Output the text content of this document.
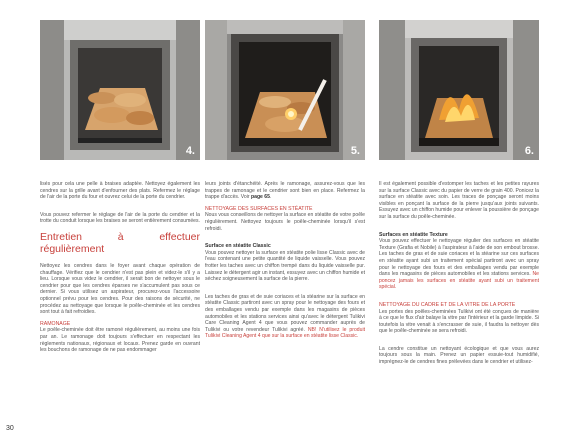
4.	5.	6.

lisés pour cela une pelle à braises adaptée. Nettoyez également les cendres sur la grille avant d'enfourner des plats. Refermez le réglage de l'air de la porte du four et ouvrez celui de la porte du cendrier.

Vous pouvez refermer le réglage de l'air de la porte du cendrier et la trotte du conduit lorsque les braises se seront entièrement consumées.

Entretien à effectuer régulièrement

Nettoyez les cendres dans le foyer avant chaque opération de chauffage. Vérifiez que le cendrier n'est pas plein et videz-le s'il y a lieu. Lorsque vous videz le cendrier, il serait bon de nettoyer sous le cendrier pour que les cendres éparses ne s'accumulent pas sous ce dernier. Si vous utilisez un aspirateur, procurez-vous l'accessoire optionnel prévu pour les cendres. Pour des raisons de sécurité, ne procédez au nettoyage que lorsque le poêle-cheminée et les cendres sont tout à fait refroidies.

RAMONAGE

Le poêle-cheminée doit être ramoné régulièrement, au moins une fois par an. Le ramonage doit toujours s'effectuer en respectant les règlements nationaux, régionaux et locaux. Prenez garde en ouvrant les bouchons de ramonage de ne pas endommager

leurs joints d'étanchéité. Après le ramonage, assurez-vous que les trappes de ramonage et le cendrier sont bien en place. Refermez la trappe d'accès. Voir page 65.

NETTOYAGE DES SURFACES EN STÉATITE

Nous vous conseillons de nettoyer la surface en stéatite de votre poêle régulièrement. Nettoyez toujours le poêle-cheminée lorsqu'il s'est refroidi.

Surface en stéatite Classic

Vous pouvez nettoyer la surface en stéatite polie lisse Classic avec de l'eau contenant une petite quantité de liquide vaisselle. Vous pouvez frotter les taches avec un chiffon trempé dans du liquide vaisselle pur. Laissez le détergent agir un instant, essuyez avec un chiffon humide et séchez soigneusement la surface de la pierre.

Les taches de gras et de suie coriaces et la stéarine sur la surface en stéatite Classic partiront avec un spray pour le nettoyage des fours et des emballages vendu par exemple dans les magasins de pièces automobiles et les stations services ainsi qu'avec le détergent Tulikivi Care Cleaning Agent 4 que vous pouvez commander auprès de Tulikivi ou votre revendeur Tulikivi agréé. NB! N'utilisez le produit Tulikivi Cleaning Agent 4 que sur la surface en stéatite lisse Classic.

Il est également possible d'estomper les taches et les petites rayures sur la surface Classic avec du papier de verre de grain 400. Ponicez la surface en stéatite avec soin. Les traces de ponçage seront moins visibles en ponçant la surface de la pierre jusqu'aux joints suivants. Essuyez avec un chiffon humide pour enlever la poussière de ponçage sur la surface du poêle-cheminée.

Surfaces en stéatite Texture

Vous pouvez effectuer le nettoyage régulier des surfaces en stéatite Texture (Grafia et Nobile) à l'aspirateur à l'aide de son embout brosse. Les taches de gras et de suie coriaces et la stéarine sur ces surfaces en stéatite ayant subi un traitement spécial partiront avec un spray pour le nettoyage des fours et des emballages vendu par exemple dans les magasins de pièces automobiles et les stations services. Ne poncez jamais les surfaces en stéatite ayant subi un traitement spécial.

NETTOYAGE DU CADRE ET DE LA VITRE DE LA PORTE

Les portes des poêles-cheminées Tulikivi ont été conçues de manière à ce que le flux d'air balaye la vitre par l'intérieur et la garde limpide. Si toutefois la vitre venait à s'encrasser de suie, il faudra la nettoyer dès que le poêle-cheminée se sera refroidi.

La cendre constitue un nettoyant écologique et que vous aurez toujours sous la main. Prenez un papier essuie-tout humidifié, imprégnez-le de cendres fines prélevées dans le cendrier et utilisez-

30
